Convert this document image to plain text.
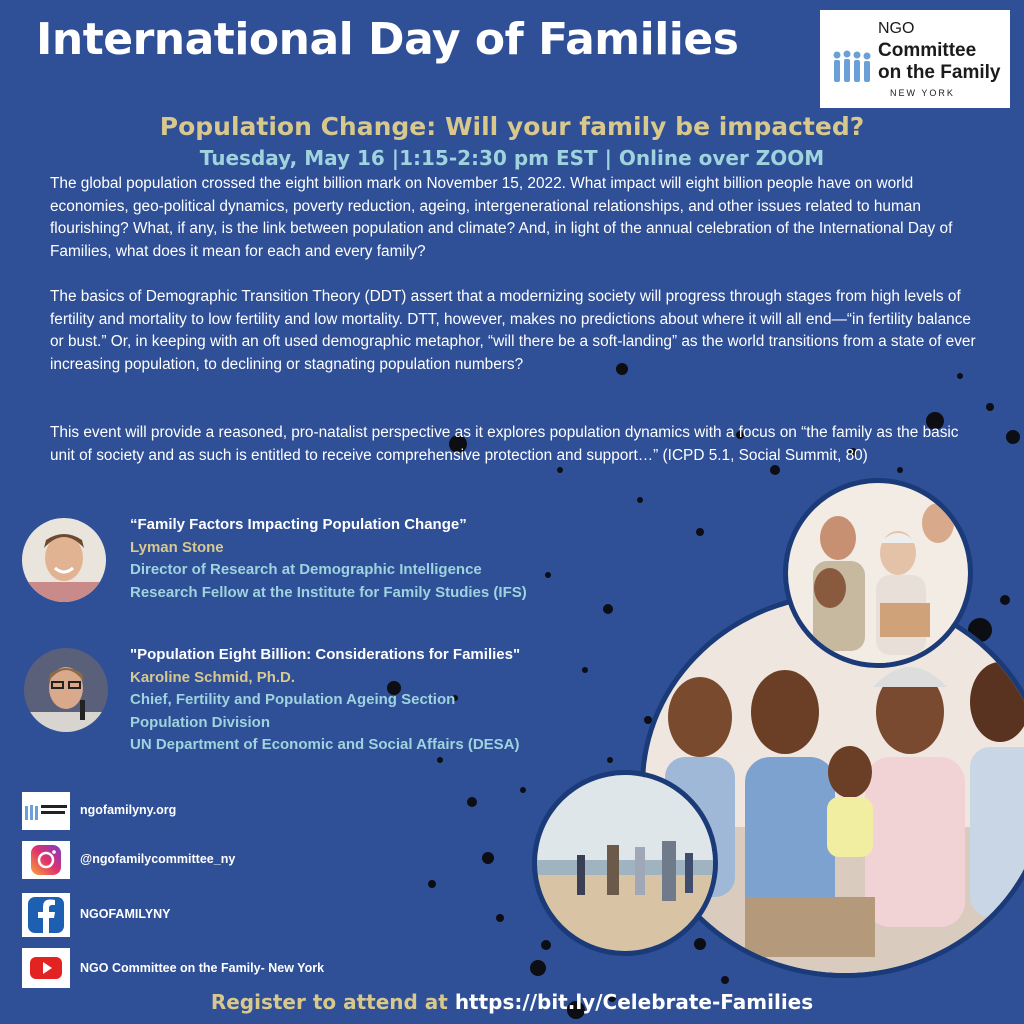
International Day of Families	NGO
Committee
on the Family
NEW YORK
Population Change: Will your family be impacted?
Tuesday, May 16 |1:15-2:30 pm EST | Online over ZOOM
The global population crossed the eight billion mark on November 15, 2022. What impact will eight billion people have on world economies, geo-political dynamics, poverty reduction, ageing, intergenerational relationships, and other issues related to human flourishing? What, if any, is the link between population and climate? And, in light of the annual celebration of the International Day of Families, what does it mean for each and every family?
The basics of Demographic Transition Theory (DDT) assert that a modernizing society will progress through stages from high levels of fertility and mortality to low fertility and low mortality. DTT, however, makes no predictions about where it will all end—“in fertility balance or bust.” Or, in keeping with an oft used demographic metaphor, “will there be a soft-landing” as the world transitions from a state of ever increasing population, to declining or stagnating population numbers?
This event will provide a reasoned, pro-natalist perspective as it explores population dynamics with a focus on “the family as the basic unit of society and as such is entitled to receive comprehensive protection and support…” (ICPD 5.1, Social Summit, 80)
“Family Factors Impacting Population Change”
Lyman Stone
Director of Research at Demographic Intelligence
Research Fellow at the Institute for Family Studies (IFS)
"Population Eight Billion: Considerations for Families"
Karoline Schmid, Ph.D.
Chief, Fertility and Population Ageing Section
Population Division
UN Department of Economic and Social Affairs (DESA)
ngofamilyny.org
@ngofamilycommittee_ny
NGOFAMILYNY
NGO Committee on the Family- New York
Register to attend at https://bit.ly/Celebrate-Families
